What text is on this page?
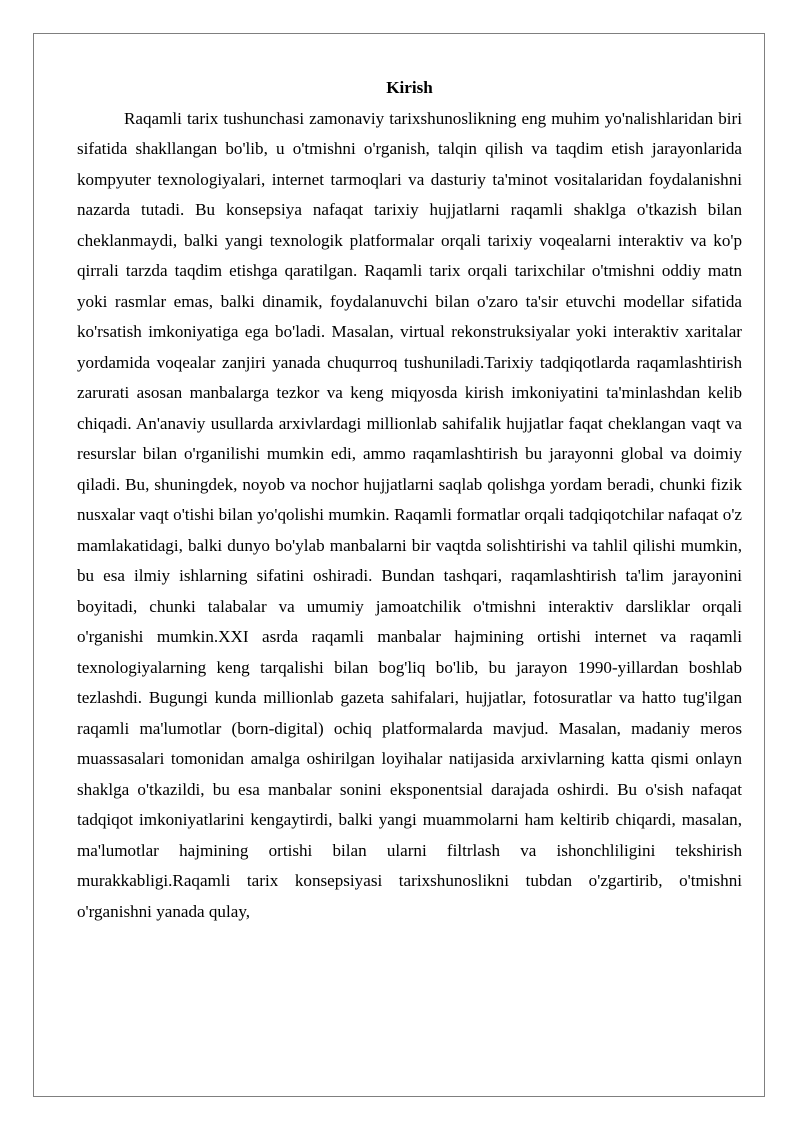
Kirish

Raqamli tarix tushunchasi zamonaviy tarixshunoslikning eng muhim yo'nalishlaridan biri sifatida shakllangan bo'lib, u o'tmishni o'rganish, talqin qilish va taqdim etish jarayonlarida kompyuter texnologiyalari, internet tarmoqlari va dasturiy ta'minot vositalaridan foydalanishni nazarda tutadi. Bu konsepsiya nafaqat tarixiy hujjatlarni raqamli shaklga o'tkazish bilan cheklanmaydi, balki yangi texnologik platformalar orqali tarixiy voqealarni interaktiv va ko'p qirrali tarzda taqdim etishga qaratilgan. Raqamli tarix orqali tarixchilar o'tmishni oddiy matn yoki rasmlar emas, balki dinamik, foydalanuvchi bilan o'zaro ta'sir etuvchi modellar sifatida ko'rsatish imkoniyatiga ega bo'ladi. Masalan, virtual rekonstruksiyalar yoki interaktiv xaritalar yordamida voqealar zanjiri yanada chuqurroq tushuniladi.Tarixiy tadqiqotlarda raqamlashtirish zarurati asosan manbalarga tezkor va keng miqyosda kirish imkoniyatini ta'minlashdan kelib chiqadi. An'anaviy usullarda arxivlardagi millionlab sahifalik hujjatlar faqat cheklangan vaqt va resurslar bilan o'rganilishi mumkin edi, ammo raqamlashtirish bu jarayonni global va doimiy qiladi. Bu, shuningdek, noyob va nochor hujjatlarni saqlab qolishga yordam beradi, chunki fizik nusxalar vaqt o'tishi bilan yo'qolishi mumkin. Raqamli formatlar orqali tadqiqotchilar nafaqat o'z mamlakatidagi, balki dunyo bo'ylab manbalarni bir vaqtda solishtirishi va tahlil qilishi mumkin, bu esa ilmiy ishlarning sifatini oshiradi. Bundan tashqari, raqamlashtirish ta'lim jarayonini boyitadi, chunki talabalar va umumiy jamoatchilik o'tmishni interaktiv darsliklar orqali o'rganishi mumkin.XXI asrda raqamli manbalar hajmining ortishi internet va raqamli texnologiyalarning keng tarqalishi bilan bog'liq bo'lib, bu jarayon 1990-yillardan boshlab tezlashdi. Bugungi kunda millionlab gazeta sahifalari, hujjatlar, fotosuratlar va hatto tug'ilgan raqamli ma'lumotlar (born-digital) ochiq platformalarda mavjud. Masalan, madaniy meros muassasalari tomonidan amalga oshirilgan loyihalar natijasida arxivlarning katta qismi onlayn shaklga o'tkazildi, bu esa manbalar sonini eksponentsial darajada oshirdi. Bu o'sish nafaqat tadqiqot imkoniyatlarini kengaytirdi, balki yangi muammolarni ham keltirib chiqardi, masalan, ma'lumotlar hajmining ortishi bilan ularni filtrlash va ishonchliligini tekshirish murakkabligi.Raqamli tarix konsepsiyasi tarixshunoslikni tubdan o'zgartirib, o'tmishni o'rganishni yanada qulay,
